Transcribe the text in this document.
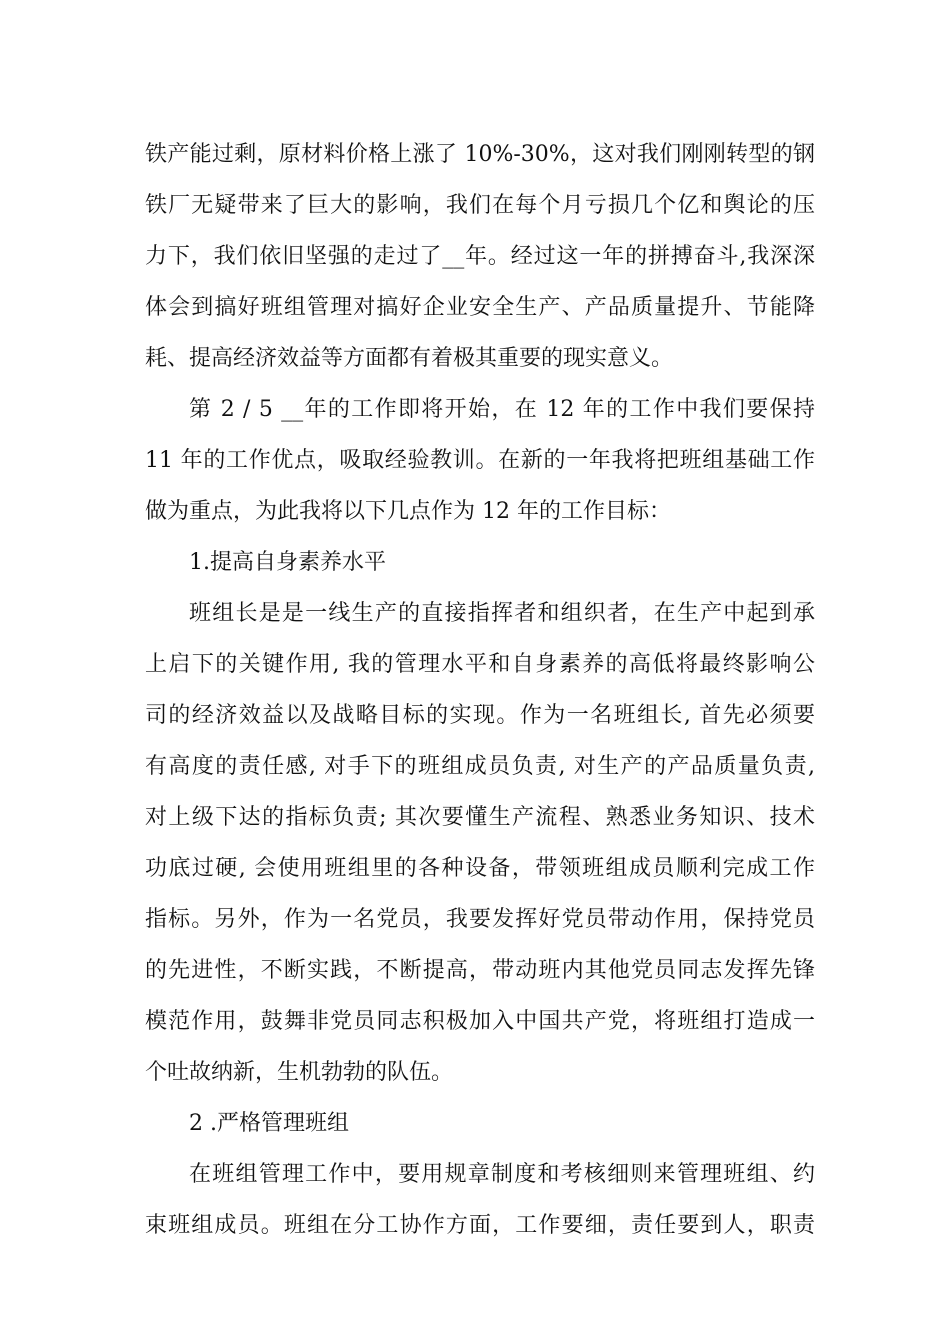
铁产能过剩，原材料价格上涨了 10%-30%，这对我们刚刚转型的钢
铁厂无疑带来了巨大的影响，我们在每个月亏损几个亿和舆论的压
力下，我们依旧坚强的走过了__年。经过这一年的拼搏奋斗,我深深
体会到搞好班组管理对搞好企业安全生产、产品质量提升、节能降
耗、提高经济效益等方面都有着极其重要的现实意义。
第 2 / 5 __年的工作即将开始，在 12 年的工作中我们要保持
11 年的工作优点，吸取经验教训。在新的一年我将把班组基础工作
做为重点，为此我将以下几点作为 12 年的工作目标：
1.提高自身素养水平
班组长是是一线生产的直接指挥者和组织者，在生产中起到承
上启下的关键作用, 我的管理水平和自身素养的高低将最终影响公
司的经济效益以及战略目标的实现。作为一名班组长, 首先必须要
有高度的责任感, 对手下的班组成员负责, 对生产的产品质量负责,
对上级下达的指标负责; 其次要懂生产流程、熟悉业务知识、技术
功底过硬, 会使用班组里的各种设备，带领班组成员顺利完成工作
指标。另外，作为一名党员，我要发挥好党员带动作用，保持党员
的先进性，不断实践，不断提高，带动班内其他党员同志发挥先锋
模范作用，鼓舞非党员同志积极加入中国共产党，将班组打造成一
个吐故纳新，生机勃勃的队伍。
2 .严格管理班组
在班组管理工作中，要用规章制度和考核细则来管理班组、约
束班组成员。班组在分工协作方面，工作要细，责任要到人，职责
